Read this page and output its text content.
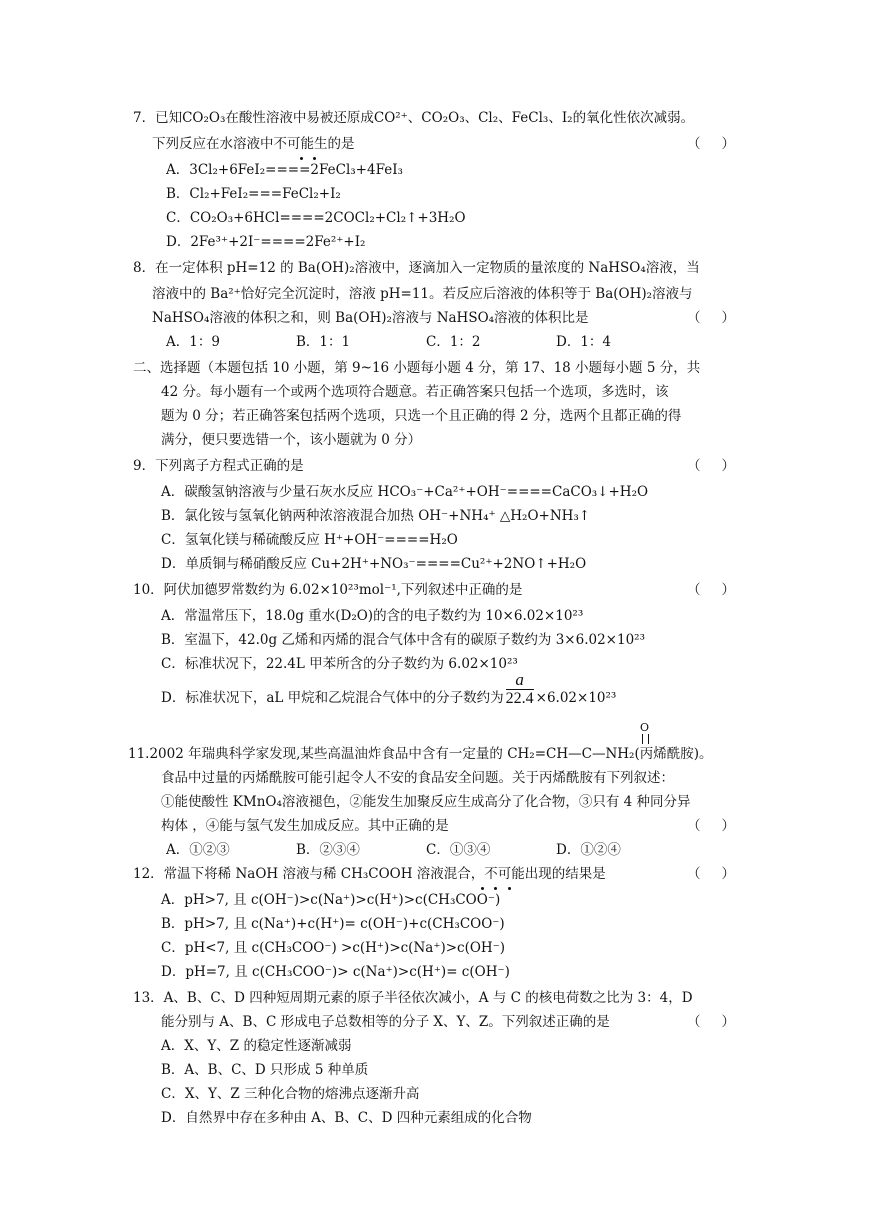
7．已知CO₂O₃在酸性溶液中易被还原成CO²⁺、CO₂O₃、Cl₂、FeCl₃、I₂的氧化性依次减弱。
下列反应在水溶液中不可能生的是	（ ）
A．3Cl₂+6FeI₂====2FeCl₃+4FeI₃
B．Cl₂+FeI₂===FeCl₂+I₂
C．CO₂O₃+6HCl====2COCl₂+Cl₂↑+3H₂O
D．2Fe³⁺+2I⁻====2Fe²⁺+I₂
8．在一定体积 pH=12 的 Ba(OH)₂溶液中，逐滴加入一定物质的量浓度的 NaHSO₄溶液，当
溶液中的 Ba²⁺恰好完全沉淀时，溶液 pH=11。若反应后溶液的体积等于 Ba(OH)₂溶液与
NaHSO₄溶液的体积之和，则 Ba(OH)₂溶液与 NaHSO₄溶液的体积比是	（ ）
A．1：9	B．1：1	C．1：2	D．1：4
二、选择题（本题包括 10 小题，第 9~16 小题每小题 4 分，第 17、18 小题每小题 5 分，共
42 分。每小题有一个或两个选项符合题意。若正确答案只包括一个选项，多选时，该
题为 0 分；若正确答案包括两个选项，只选一个且正确的得 2 分，选两个且都正确的得
满分，便只要选错一个，该小题就为 0 分）
9．下列离子方程式正确的是	（ ）
A．碳酸氢钠溶液与少量石灰水反应 HCO₃⁻+Ca²⁺+OH⁻====CaCO₃↓+H₂O
B．氯化铵与氢氧化钠两种浓溶液混合加热 OH⁻+NH₄⁺ △H₂O+NH₃↑
C．氢氧化镁与稀硫酸反应 H⁺+OH⁻====H₂O
D．单质铜与稀硝酸反应 Cu+2H⁺+NO₃⁻====Cu²⁺+2NO↑+H₂O
10．阿伏加德罗常数约为 6.02×10²³mol⁻¹,下列叙述中正确的是	（ ）
A．常温常压下，18.0g 重水(D₂O)的含的电子数约为 10×6.02×10²³
B．室温下，42.0g 乙烯和丙烯的混合气体中含有的碳原子数约为 3×6.02×10²³
C．标准状况下，22.4L 甲苯所含的分子数约为 6.02×10²³
D．标准状况下，aL 甲烷和乙烷混合气体中的分子数约为 $\frac{a}{22.4} \times 6.02\times 10^{23}$
O
11.2002 年瑞典科学家发现,某些高温油炸食品中含有一定量的 CH₂=CH—C—NH₂(丙烯酰胺)。
食品中过量的丙烯酰胺可能引起令人不安的食品安全问题。关于丙烯酰胺有下列叙述：
①能使酸性 KMnO₄溶液褪色，②能发生加聚反应生成高分了化合物，③只有 4 种同分异
构体 ，④能与氢气发生加成反应。其中正确的是	（ ）
A．①②③	B．②③④	C．①③④	D．①②④
12．常温下将稀 NaOH 溶液与稀 CH₃COOH 溶液混合，不可能出现的结果是	（ ）
A．pH>7, 且 c(OH⁻)>c(Na⁺)>c(H⁺)>c(CH₃COO⁻)
B．pH>7, 且 c(Na⁺)+c(H⁺)= c(OH⁻)+c(CH₃COO⁻)
C．pH<7, 且 c(CH₃COO⁻) >c(H⁺)>c(Na⁺)>c(OH⁻)
D．pH=7, 且 c(CH₃COO⁻)> c(Na⁺)>c(H⁺)= c(OH⁻)
13．A、B、C、D 四种短周期元素的原子半径依次减小，A 与 C 的核电荷数之比为 3：4，D
能分别与 A、B、C 形成电子总数相等的分子 X、Y、Z。下列叙述正确的是	（ ）
A．X、Y、Z 的稳定性逐渐减弱
B．A、B、C、D 只形成 5 种单质
C．X、Y、Z 三种化合物的熔沸点逐渐升高
D．自然界中存在多种由 A、B、C、D 四种元素组成的化合物
